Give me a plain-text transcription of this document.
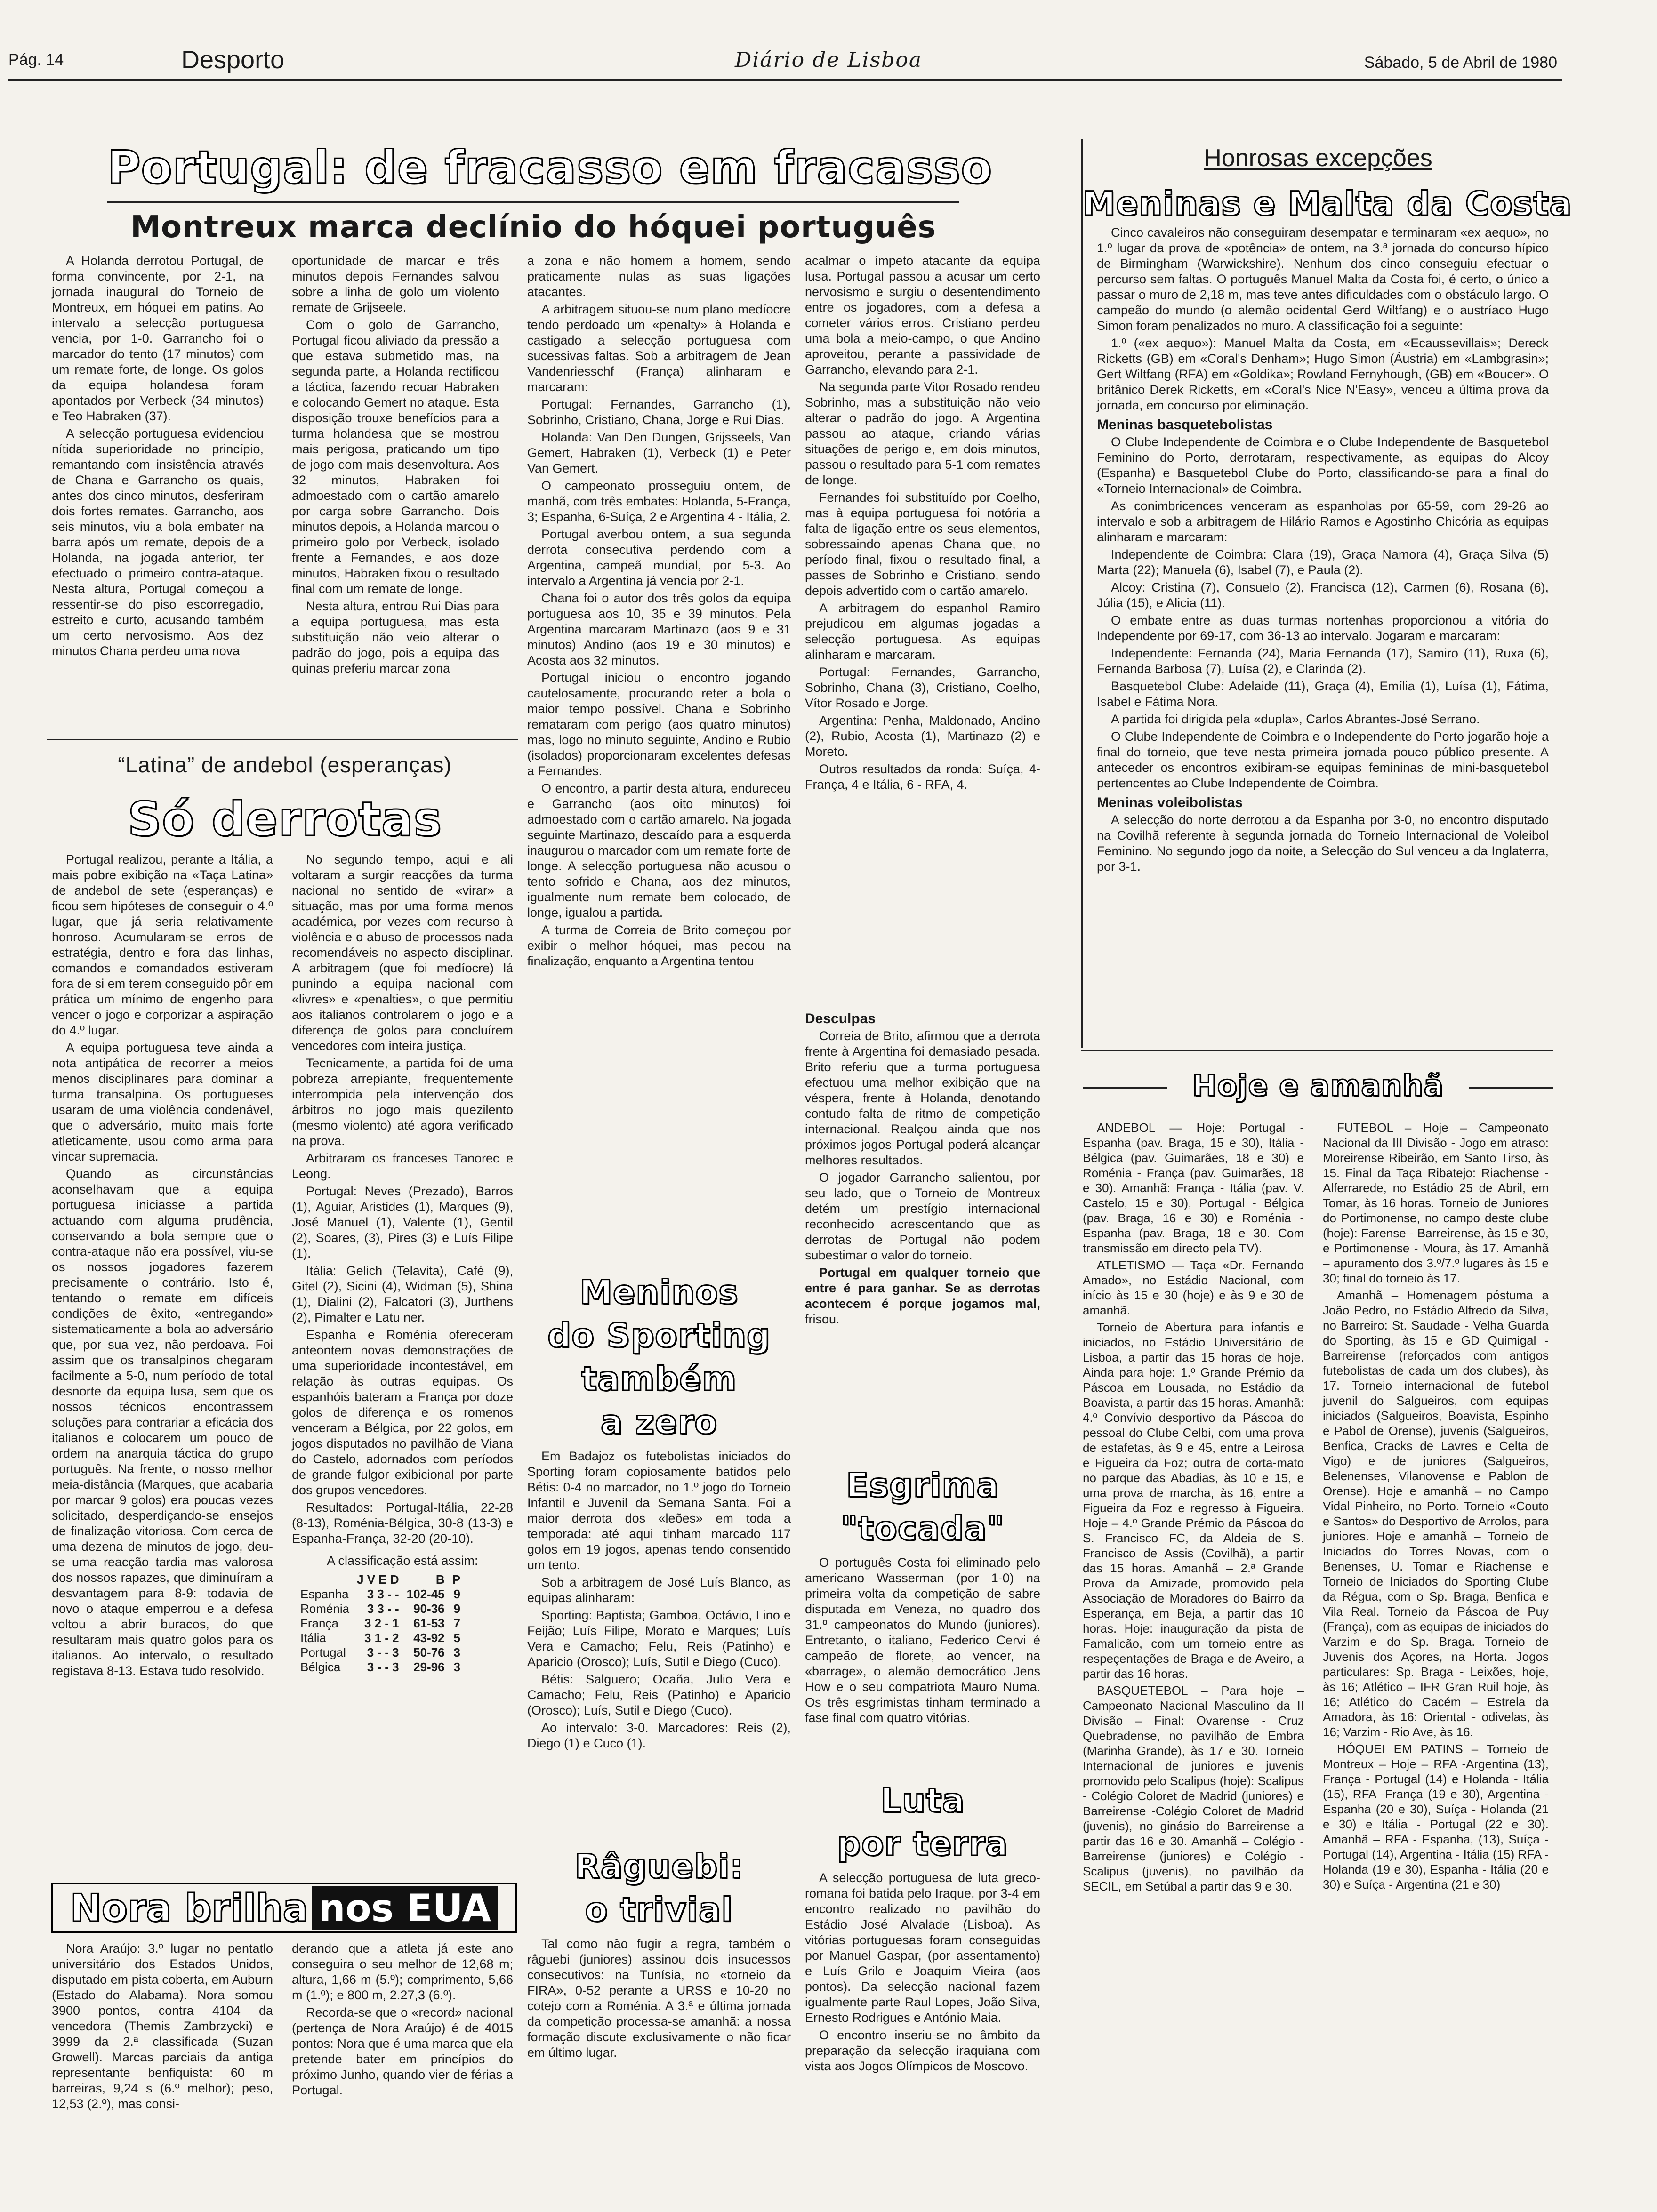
Pág. 14	Desporto	Diário de Lisboa	Sábado, 5 de Abril de 1980
Portugal: de fracasso em fracasso
Montreux marca declínio do hóquei português

A Holanda derrotou Portugal, de forma convincente, por 2-1, na jornada inaugural do Torneio de Montreux, em hóquei em patins. Ao intervalo a selecção portuguesa vencia, por 1-0. Garrancho foi o marcador do tento (17 minutos) com um remate forte, de longe. Os golos da equipa holandesa foram apontados por Verbeck (34 minutos) e Teo Habraken (37).

A selecção portuguesa evidenciou nítida superioridade no princípio, remantando com insistência através de Chana e Garrancho os quais, antes dos cinco minutos, desferiram dois fortes remates. Garrancho, aos seis minutos, viu a bola embater na barra após um remate, depois de a Holanda, na jogada anterior, ter efectuado o primeiro contra-ataque. Nesta altura, Portugal começou a ressentir-se do piso escorregadio, estreito e curto, acusando também um certo nervosismo. Aos dez minutos Chana perdeu uma nova

oportunidade de marcar e três minutos depois Fernandes salvou sobre a linha de golo um violento remate de Grijseele.

Com o golo de Garrancho, Portugal ficou aliviado da pressão a que estava submetido mas, na segunda parte, a Holanda rectificou a táctica, fazendo recuar Habraken e colocando Gemert no ataque. Esta disposição trouxe benefícios para a turma holandesa que se mostrou mais perigosa, praticando um tipo de jogo com mais desenvoltura. Aos 32 minutos, Habraken foi admoestado com o cartão amarelo por carga sobre Garrancho. Dois minutos depois, a Holanda marcou o primeiro golo por Verbeck, isolado frente a Fernandes, e aos doze minutos, Habraken fixou o resultado final com um remate de longe.

Nesta altura, entrou Rui Dias para a equipa portuguesa, mas esta substituição não veio alterar o padrão do jogo, pois a equipa das quinas preferiu marcar zona

a zona e não homem a homem, sendo praticamente nulas as suas ligações atacantes.

A arbitragem situou-se num plano medíocre tendo perdoado um «penalty» à Holanda e castigado a selecção portuguesa com sucessivas faltas. Sob a arbitragem de Jean Vandenriesschf (França) alinharam e marcaram:

Portugal: Fernandes, Garrancho (1), Sobrinho, Cristiano, Chana, Jorge e Rui Dias.

Holanda: Van Den Dungen, Grijsseels, Van Gemert, Habraken (1), Verbeck (1) e Peter Van Gemert.

O campeonato prosseguiu ontem, de manhã, com três embates: Holanda, 5-França, 3; Espanha, 6-Suíça, 2 e Argentina 4 - Itália, 2.

Portugal averbou ontem, a sua segunda derrota consecutiva perdendo com a Argentina, campeã mundial, por 5-3. Ao intervalo a Argentina já vencia por 2-1.

Chana foi o autor dos três golos da equipa portuguesa aos 10, 35 e 39 minutos. Pela Argentina marcaram Martinazo (aos 9 e 31 minutos) Andino (aos 19 e 30 minutos) e Acosta aos 32 minutos.

Portugal iniciou o encontro jogando cautelosamente, procurando reter a bola o maior tempo possível. Chana e Sobrinho remataram com perigo (aos quatro minutos) mas, logo no minuto seguinte, Andino e Rubio (isolados) proporcionaram excelentes defesas a Fernandes.

O encontro, a partir desta altura, endureceu e Garrancho (aos oito minutos) foi admoestado com o cartão amarelo. Na jogada seguinte Martinazo, descaído para a esquerda inaugurou o marcador com um remate forte de longe. A selecção portuguesa não acusou o tento sofrido e Chana, aos dez minutos, igualmente num remate bem colocado, de longe, igualou a partida.

A turma de Correia de Brito começou por exibir o melhor hóquei, mas pecou na finalização, enquanto a Argentina tentou

acalmar o ímpeto atacante da equipa lusa. Portugal passou a acusar um certo nervosismo e surgiu o desentendimento entre os jogadores, com a defesa a cometer vários erros. Cristiano perdeu uma bola a meio-campo, o que Andino aproveitou, perante a passividade de Garrancho, elevando para 2-1.

Na segunda parte Vitor Rosado rendeu Sobrinho, mas a substituição não veio alterar o padrão do jogo. A Argentina passou ao ataque, criando várias situações de perigo e, em dois minutos, passou o resultado para 5-1 com remates de longe.

Fernandes foi substituído por Coelho, mas à equipa portuguesa foi notória a falta de ligação entre os seus elementos, sobressaindo apenas Chana que, no período final, fixou o resultado final, a passes de Sobrinho e Cristiano, sendo depois advertido com o cartão amarelo.

A arbitragem do espanhol Ramiro prejudicou em algumas jogadas a selecção portuguesa. As equipas alinharam e marcaram.

Portugal: Fernandes, Garrancho, Sobrinho, Chana (3), Cristiano, Coelho, Vítor Rosado e Jorge.

Argentina: Penha, Maldonado, Andino (2), Rubio, Acosta (1), Martinazo (2) e Moreto.

Outros resultados da ronda: Suíça, 4-França, 4 e Itália, 6 - RFA, 4.

Desculpas

Correia de Brito, afirmou que a derrota frente à Argentina foi demasiado pesada. Brito referiu que a turma portuguesa efectuou uma melhor exibição que na véspera, frente à Holanda, denotando contudo falta de ritmo de competição internacional. Realçou ainda que nos próximos jogos Portugal poderá alcançar melhores resultados.

O jogador Garrancho salientou, por seu lado, que o Torneio de Montreux detém um prestígio internacional reconhecido acrescentando que as derrotas de Portugal não podem subestimar o valor do torneio.

Portugal em qualquer torneio que entre é para ganhar. Se as derrotas acontecem é porque jogamos mal, frisou.

“Latina” de andebol (esperanças)
Só derrotas

Portugal realizou, perante a Itália, a mais pobre exibição na «Taça Latina» de andebol de sete (esperanças) e ficou sem hipóteses de conseguir o 4.º lugar, que já seria relativamente honroso. Acumularam-se erros de estratégia, dentro e fora das linhas, comandos e comandados estiveram fora de si em terem conseguido pôr em prática um mínimo de engenho para vencer o jogo e corporizar a aspiração do 4.º lugar.

A equipa portuguesa teve ainda a nota antipática de recorrer a meios menos disciplinares para dominar a turma transalpina. Os portugueses usaram de uma violência condenável, que o adversário, muito mais forte atleticamente, usou como arma para vincar supremacia.

Quando as circunstâncias aconselhavam que a equipa portuguesa iniciasse a partida actuando com alguma prudência, conservando a bola sempre que o contra-ataque não era possível, viu-se os nossos jogadores fazerem precisamente o contrário. Isto é, tentando o remate em difíceis condições de êxito, «entregando» sistematicamente a bola ao adversário que, por sua vez, não perdoava. Foi assim que os transalpinos chegaram facilmente a 5-0, num período de total desnorte da equipa lusa, sem que os nossos técnicos encontrassem soluções para contrariar a eficácia dos italianos e colocarem um pouco de ordem na anarquia táctica do grupo português. Na frente, o nosso melhor meia-distância (Marques, que acabaria por marcar 9 golos) era poucas vezes solicitado, desperdiçando-se ensejos de finalização vitoriosa. Com cerca de uma dezena de minutos de jogo, deu-se uma reacção tardia mas valorosa dos nossos rapazes, que diminuíram a desvantagem para 8-9: todavia de novo o ataque emperrou e a defesa voltou a abrir buracos, do que resultaram mais quatro golos para os italianos. Ao intervalo, o resultado registava 8-13. Estava tudo resolvido.

No segundo tempo, aqui e ali voltaram a surgir reacções da turma nacional no sentido de «virar» a situação, mas por uma forma menos académica, por vezes com recurso à violência e o abuso de processos nada recomendáveis no aspecto disciplinar. A arbitragem (que foi medíocre) lá punindo a equipa nacional com «livres» e «penalties», o que permitiu aos italianos controlarem o jogo e a diferença de golos para concluírem vencedores com inteira justiça.

Tecnicamente, a partida foi de uma pobreza arrepiante, frequentemente interrompida pela intervenção dos árbitros no jogo mais quezilento (mesmo violento) até agora verificado na prova.

Arbitraram os franceses Tanorec e Leong.

Portugal: Neves (Prezado), Barros (1), Aguiar, Aristides (1), Marques (9), José Manuel (1), Valente (1), Gentil (2), Soares, (3), Pires (3) e Luís Filipe (1).

Itália: Gelich (Telavita), Café (9), Gitel (2), Sicini (4), Widman (5), Shina (1), Dialini (2), Falcatori (3), Jurthens (2), Pimalter e Latu ner.

Espanha e Roménia ofereceram anteontem novas demonstrações de uma superioridade incontestável, em relação às outras equipas. Os espanhóis bateram a França por doze golos de diferença e os romenos venceram a Bélgica, por 22 golos, em jogos disputados no pavilhão de Viana do Castelo, adornados com períodos de grande fulgor exibicional por parte dos grupos vencedores.

Resultados: Portugal-Itália, 22-28 (8-13), Roménia-Bélgica, 30-8 (13-3) e Espanha-França, 32-20 (20-10).

A classificação está assim:

	J V E D	B	P
Espanha	3 3 - -	102-45	9
Roménia	3 3 - -	90-36	9
França	3 2 - 1	61-53	7
Itália	3 1 - 2	43-92	5
Portugal	3 - - 3	50-76	3
Bélgica	3 - - 3	29-96	3
Nora brilha nos EUA

Nora Araújo: 3.º lugar no pentatlo universitário dos Estados Unidos, disputado em pista coberta, em Auburn (Estado do Alabama). Nora somou 3900 pontos, contra 4104 da vencedora (Themis Zambrzycki) e 3999 da 2.ª classificada (Suzan Growell). Marcas parciais da antiga representante benfiquista: 60 m barreiras, 9,24 s (6.º melhor); peso, 12,53 (2.º), mas consi-

derando que a atleta já este ano conseguira o seu melhor de 12,68 m; altura, 1,66 m (5.º); comprimento, 5,66 m (1.º); e 800 m, 2.27,3 (6.º).

Recorda-se que o «record» nacional (pertença de Nora Araújo) é de 4015 pontos: Nora que é uma marca que ela pretende bater em princípios do próximo Junho, quando vier de férias a Portugal.

Meninos
do Sporting
também
a zero

Em Badajoz os futebolistas iniciados do Sporting foram copiosamente batidos pelo Bétis: 0-4 no marcador, no 1.º jogo do Torneio Infantil e Juvenil da Semana Santa. Foi a maior derrota dos «leões» em toda a temporada: até aqui tinham marcado 117 golos em 19 jogos, apenas tendo consentido um tento.

Sob a arbitragem de José Luís Blanco, as equipas alinharam:

Sporting: Baptista; Gamboa, Octávio, Lino e Feijão; Luís Filipe, Morato e Marques; Luís Vera e Camacho; Felu, Reis (Patinho) e Aparicio (Orosco); Luís, Sutil e Diego (Cuco).

Bétis: Salguero; Ocaña, Julio Vera e Camacho; Felu, Reis (Patinho) e Aparicio (Orosco); Luís, Sutil e Diego (Cuco).

Ao intervalo: 3-0. Marcadores: Reis (2), Diego (1) e Cuco (1).

Râguebi:
o trivial

Tal como não fugir a regra, também o râguebi (juniores) assinou dois insucessos consecutivos: na Tunísia, no «torneio da FIRA», 0-52 perante a URSS e 10-20 no cotejo com a Roménia. A 3.ª e última jornada da competição processa-se amanhã: a nossa formação discute exclusivamente o não ficar em último lugar.

Esgrima
"tocada"

O português Costa foi eliminado pelo americano Wasserman (por 1-0) na primeira volta da competição de sabre disputada em Veneza, no quadro dos 31.º campeonatos do Mundo (juniores). Entretanto, o italiano, Federico Cervi é campeão de florete, ao vencer, na «barrage», o alemão democrático Jens How e o seu compatriota Mauro Numa. Os três esgrimistas tinham terminado a fase final com quatro vitórias.

Luta
por terra

A selecção portuguesa de luta greco-romana foi batida pelo Iraque, por 3-4 em encontro realizado no pavilhão do Estádio José Alvalade (Lisboa). As vitórias portuguesas foram conseguidas por Manuel Gaspar, (por assentamento) e Luís Grilo e Joaquim Vieira (aos pontos). Da selecção nacional fazem igualmente parte Raul Lopes, João Silva, Ernesto Rodrigues e António Maia.

O encontro inseriu-se no âmbito da preparação da selecção iraquiana com vista aos Jogos Olímpicos de Moscovo.

Honrosas excepções
Meninas e Malta da Costa

Cinco cavaleiros não conseguiram desempatar e terminaram «ex aequo», no 1.º lugar da prova de «potência» de ontem, na 3.ª jornada do concurso hípico de Birmingham (Warwickshire). Nenhum dos cinco conseguiu efectuar o percurso sem faltas. O português Manuel Malta da Costa foi, é certo, o único a passar o muro de 2,18 m, mas teve antes dificuldades com o obstáculo largo. O campeão do mundo (o alemão ocidental Gerd Wiltfang) e o austríaco Hugo Simon foram penalizados no muro. A classificação foi a seguinte:

1.º («ex aequo»): Manuel Malta da Costa, em «Ecaussevillais»; Dereck Ricketts (GB) em «Coral's Denham»; Hugo Simon (Áustria) em «Lambgrasin»; Gert Wiltfang (RFA) em «Goldika»; Rowland Fernyhough, (GB) em «Boucer». O britânico Derek Ricketts, em «Coral's Nice N'Easy», venceu a última prova da jornada, em concurso por eliminação.

Meninas basquetebolistas

O Clube Independente de Coimbra e o Clube Independente de Basquetebol Feminino do Porto, derrotaram, respectivamente, as equipas do Alcoy (Espanha) e Basquetebol Clube do Porto, classificando-se para a final do «Torneio Internacional» de Coimbra.

As conimbricences venceram as espanholas por 65-59, com 29-26 ao intervalo e sob a arbitragem de Hilário Ramos e Agostinho Chicória as equipas alinharam e marcaram:

Independente de Coimbra: Clara (19), Graça Namora (4), Graça Silva (5) Marta (22); Manuela (6), Isabel (7), e Paula (2).

Alcoy: Cristina (7), Consuelo (2), Francisca (12), Carmen (6), Rosana (6), Júlia (15), e Alicia (11).

O embate entre as duas turmas nortenhas proporcionou a vitória do Independente por 69-17, com 36-13 ao intervalo. Jogaram e marcaram:

Independente: Fernanda (24), Maria Fernanda (17), Samiro (11), Ruxa (6), Fernanda Barbosa (7), Luísa (2), e Clarinda (2).

Basquetebol Clube: Adelaide (11), Graça (4), Emília (1), Luísa (1), Fátima, Isabel e Fátima Nora.

A partida foi dirigida pela «dupla», Carlos Abrantes-José Serrano.

O Clube Independente de Coimbra e o Independente do Porto jogarão hoje a final do torneio, que teve nesta primeira jornada pouco público presente. A anteceder os encontros exibiram-se equipas femininas de mini-basquetebol pertencentes ao Clube Independente de Coimbra.

Meninas voleibolistas

A selecção do norte derrotou a da Espanha por 3-0, no encontro disputado na Covilhã referente à segunda jornada do Torneio Internacional de Voleibol Feminino. No segundo jogo da noite, a Selecção do Sul venceu a da Inglaterra, por 3-1.

Hoje e amanhã

ANDEBOL — Hoje: Portugal - Espanha (pav. Braga, 15 e 30), Itália - Bélgica (pav. Guimarães, 18 e 30) e Roménia - França (pav. Guimarães, 18 e 30). Amanhã: França - Itália (pav. V. Castelo, 15 e 30), Portugal - Bélgica (pav. Braga, 16 e 30) e Roménia - Espanha (pav. Braga, 18 e 30. Com transmissão em directo pela TV).

ATLETISMO — Taça «Dr. Fernando Amado», no Estádio Nacional, com início às 15 e 30 (hoje) e às 9 e 30 de amanhã.

Torneio de Abertura para infantis e iniciados, no Estádio Universitário de Lisboa, a partir das 15 horas de hoje. Ainda para hoje: 1.º Grande Prémio da Páscoa em Lousada, no Estádio da Boavista, a partir das 15 horas. Amanhã: 4.º Convívio desportivo da Páscoa do pessoal do Clube Celbi, com uma prova de estafetas, às 9 e 45, entre a Leirosa e Figueira da Foz; outra de corta-mato no parque das Abadias, às 10 e 15, e uma prova de marcha, às 16, entre a Figueira da Foz e regresso à Figueira. Hoje – 4.º Grande Prémio da Páscoa do S. Francisco FC, da Aldeia de S. Francisco de Assis (Covilhã), a partir das 15 horas. Amanhã – 2.ª Grande Prova da Amizade, promovido pela Associação de Moradores do Bairro da Esperança, em Beja, a partir das 10 horas. Hoje: inauguração da pista de Famalicão, com um torneio entre as respeçentações de Braga e de Aveiro, a partir das 16 horas.

BASQUETEBOL – Para hoje – Campeonato Nacional Masculino da II Divisão – Final: Ovarense - Cruz Quebradense, no pavilhão de Embra (Marinha Grande), às 17 e 30. Torneio Internacional de juniores e juvenis promovido pelo Scalipus (hoje): Scalipus - Colégio Coloret de Madrid (juniores) e Barreirense -Colégio Coloret de Madrid (juvenis), no ginásio do Barreirense a partir das 16 e 30. Amanhã – Colégio - Barreirense (juniores) e Colégio - Scalipus (juvenis), no pavilhão da SECIL, em Setúbal a partir das 9 e 30.

FUTEBOL – Hoje – Campeonato Nacional da III Divisão - Jogo em atraso: Moreirense Ribeirão, em Santo Tirso, às 15. Final da Taça Ribatejo: Riachense - Alferrarede, no Estádio 25 de Abril, em Tomar, às 16 horas. Torneio de Juniores do Portimonense, no campo deste clube (hoje): Farense - Barreirense, às 15 e 30, e Portimonense - Moura, às 17. Amanhã – apuramento dos 3.º/7.º lugares às 15 e 30; final do torneio às 17.

Amanhã – Homenagem póstuma a João Pedro, no Estádio Alfredo da Silva, no Barreiro: St. Saudade - Velha Guarda do Sporting, às 15 e GD Quimigal - Barreirense (reforçados com antigos futebolistas de cada um dos clubes), às 17. Torneio internacional de futebol juvenil do Salgueiros, com equipas iniciados (Salgueiros, Boavista, Espinho e Pabol de Orense), juvenis (Salgueiros, Benfica, Cracks de Lavres e Celta de Vigo) e de juniores (Salgueiros, Belenenses, Vilanovense e Pablon de Orense). Hoje e amanhã – no Campo Vidal Pinheiro, no Porto. Torneio «Couto e Santos» do Desportivo de Arrolos, para juniores. Hoje e amanhã – Torneio de Iniciados do Torres Novas, com o Benenses, U. Tomar e Riachense e Torneio de Iniciados do Sporting Clube da Régua, com o Sp. Braga, Benfica e Vila Real. Torneio da Páscoa de Puy (França), com as equipas de iniciados do Varzim e do Sp. Braga. Torneio de Juvenis dos Açores, na Horta. Jogos particulares: Sp. Braga - Leixões, hoje, às 16; Atlético – IFR Gran Ruil hoje, às 16; Atlético do Cacém – Estrela da Amadora, às 16: Oriental - odivelas, às 16; Varzim - Rio Ave, às 16.

HÓQUEI EM PATINS – Torneio de Montreux – Hoje – RFA -Argentina (13), França - Portugal (14) e Holanda - Itália (15), RFA -França (19 e 30), Argentina - Espanha (20 e 30), Suíça - Holanda (21 e 30) e Itália - Portugal (22 e 30). Amanhã – RFA - Espanha, (13), Suíça - Portugal (14), Argentina - Itália (15) RFA - Holanda (19 e 30), Espanha - Itália (20 e 30) e Suíça - Argentina (21 e 30)
